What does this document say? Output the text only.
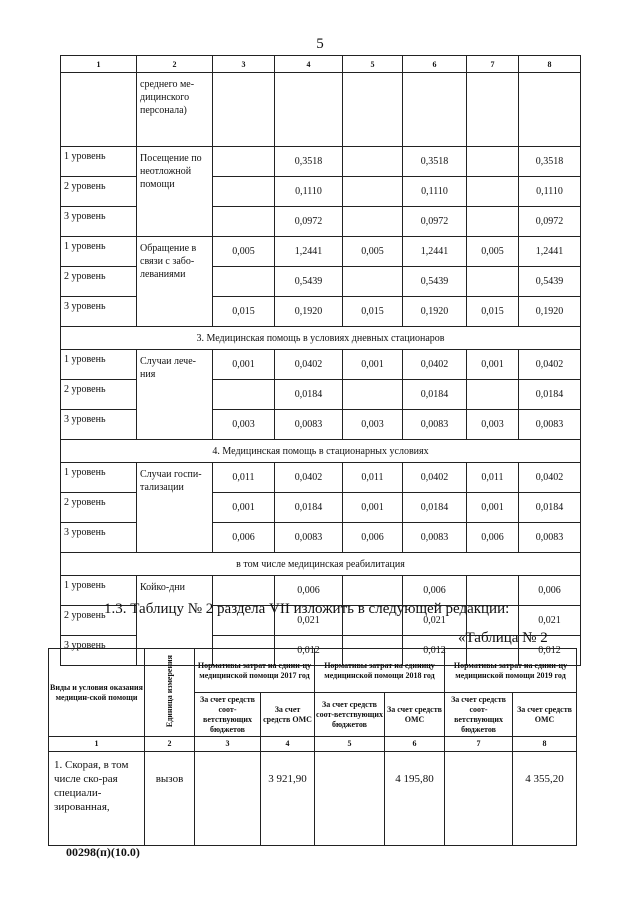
5
1	2	3	4	5	6	7	8
	среднего ме-
дицинского
персонала)						
1 уровень	Посещение по
неотложной
помощи		0,3518		0,3518		0,3518
2 уровень			0,1110		0,1110		0,1110
3 уровень			0,0972		0,0972		0,0972
1 уровень	Обращение в
связи с забо-
леваниями	0,005	1,2441	0,005	1,2441	0,005	1,2441
2 уровень			0,5439		0,5439		0,5439
3 уровень		0,015	0,1920	0,015	0,1920	0,015	0,1920
3. Медицинская помощь в условиях дневных стационаров							
1 уровень	Случаи лече-
ния	0,001	0,0402	0,001	0,0402	0,001	0,0402
2 уровень			0,0184		0,0184		0,0184
3 уровень		0,003	0,0083	0,003	0,0083	0,003	0,0083
4. Медицинская помощь в стационарных условиях							
1 уровень	Случаи госпи-
тализации	0,011	0,0402	0,011	0,0402	0,011	0,0402
2 уровень		0,001	0,0184	0,001	0,0184	0,001	0,0184
3 уровень		0,006	0,0083	0,006	0,0083	0,006	0,0083
в том числе медицинская реабилитация							
1 уровень	Койко-дни		0,006		0,006		0,006
2 уровень			0,021		0,021		0,021
3 уровень			0,012		0,012		0,012
1.3. Таблицу № 2 раздела VII изложить в следующей редакции:
«Таблица № 2
Виды и условия оказания медицин-ской помощи	Единица измерения	Нормативы затрат на едини-цу медицинской помощи 2017 год		Нормативы затрат на единицу медицинской помощи 2018 год		Нормативы затрат на едини-цу медицинской помощи 2019 год	
		За счет средств соот-ветствующих бюджетов	За счет средств ОМС	За счет средств соот-ветствующих бюджетов	За счет средств ОМС	За счет средств соот-ветствующих бюджетов	За счет средств ОМС
1	2	3	4	5	6	7	8
1. Скорая, в том числе ско-рая специали-зированная,	вызов		3 921,90		4 195,80		4 355,20
00298(п)(10.0)
